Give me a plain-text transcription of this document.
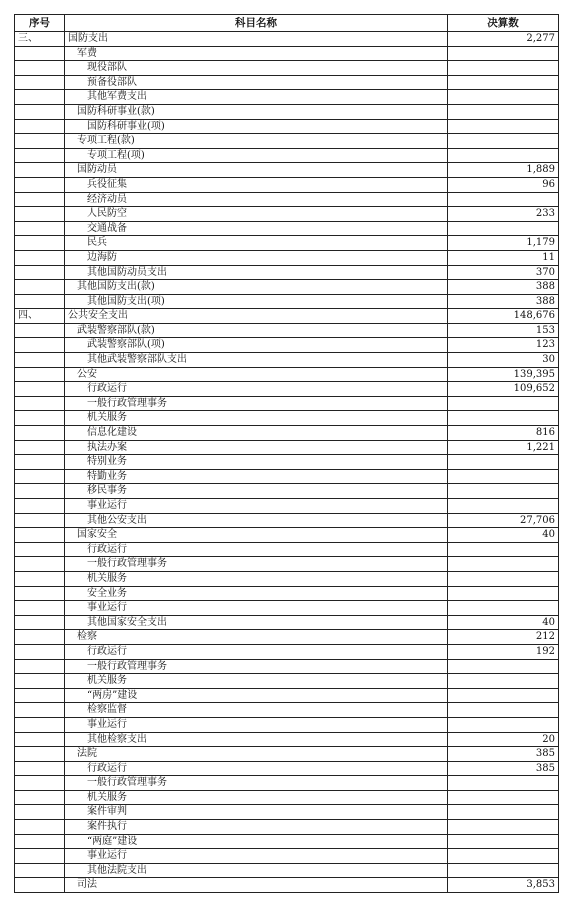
序号	科目名称	决算数
三、	国防支出	2,277
	军费	
	现役部队	
	预备役部队	
	其他军费支出	
	国防科研事业(款)	
	国防科研事业(项)	
	专项工程(款)	
	专项工程(项)	
	国防动员	1,889
	兵役征集	96
	经济动员	
	人民防空	233
	交通战备	
	民兵	1,179
	边海防	11
	其他国防动员支出	370
	其他国防支出(款)	388
	其他国防支出(项)	388
四、	公共安全支出	148,676
	武装警察部队(款)	153
	武装警察部队(项)	123
	其他武装警察部队支出	30
	公安	139,395
	行政运行	109,652
	一般行政管理事务	
	机关服务	
	信息化建设	816
	执法办案	1,221
	特别业务	
	特勤业务	
	移民事务	
	事业运行	
	其他公安支出	27,706
	国家安全	40
	行政运行	
	一般行政管理事务	
	机关服务	
	安全业务	
	事业运行	
	其他国家安全支出	40
	检察	212
	行政运行	192
	一般行政管理事务	
	机关服务	
	“两房”建设	
	检察监督	
	事业运行	
	其他检察支出	20
	法院	385
	行政运行	385
	一般行政管理事务	
	机关服务	
	案件审判	
	案件执行	
	“两庭”建设	
	事业运行	
	其他法院支出	
	司法	3,853
